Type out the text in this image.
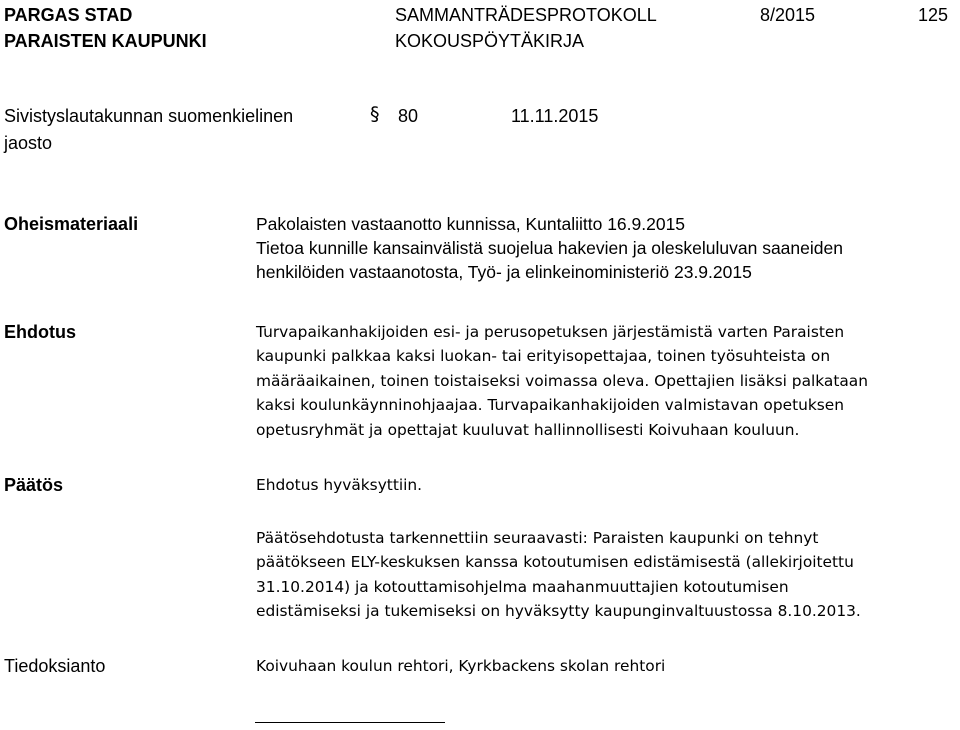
PARGAS STAD
PARAISTEN KAUPUNKI
SAMMANTRÄDESPROTOKOLL
KOKOUSPÖYTÄKIRJA
8/2015	125
Sivistyslautakunnan suomenkielinen
jaosto
§ 80	11.11.2015
Oheismateriaali	Pakolaisten vastaanotto kunnissa, Kuntaliitto 16.9.2015
Tietoa kunnille kansainvälistä suojelua hakevien ja oleskeluluvan saaneiden
henkilöiden vastaanotosta, Työ- ja elinkeinoministeriö 23.9.2015
Ehdotus	Turvapaikanhakijoiden esi- ja perusopetuksen järjestämistä varten Paraisten
kaupunki palkkaa kaksi luokan- tai erityisopettajaa, toinen työsuhteista on
määräaikainen, toinen toistaiseksi voimassa oleva. Opettajien lisäksi palkataan
kaksi koulunkäynninohjaajaa. Turvapaikanhakijoiden valmistavan opetuksen
opetusryhmät ja opettajat kuuluvat hallinnollisesti Koivuhaan kouluun.
Päätös	Ehdotus hyväksyttiin.
Päätösehdotusta tarkennettiin seuraavasti: Paraisten kaupunki on tehnyt
päätökseen ELY-keskuksen kanssa kotoutumisen edistämisestä (allekirjoitettu
31.10.2014) ja kotouttamisohjelma maahanmuuttajien kotoutumisen
edistämiseksi ja tukemiseksi on hyväksytty kaupunginvaltuustossa 8.10.2013.
Tiedoksianto	Koivuhaan koulun rehtori, Kyrkbackens skolan rehtori
